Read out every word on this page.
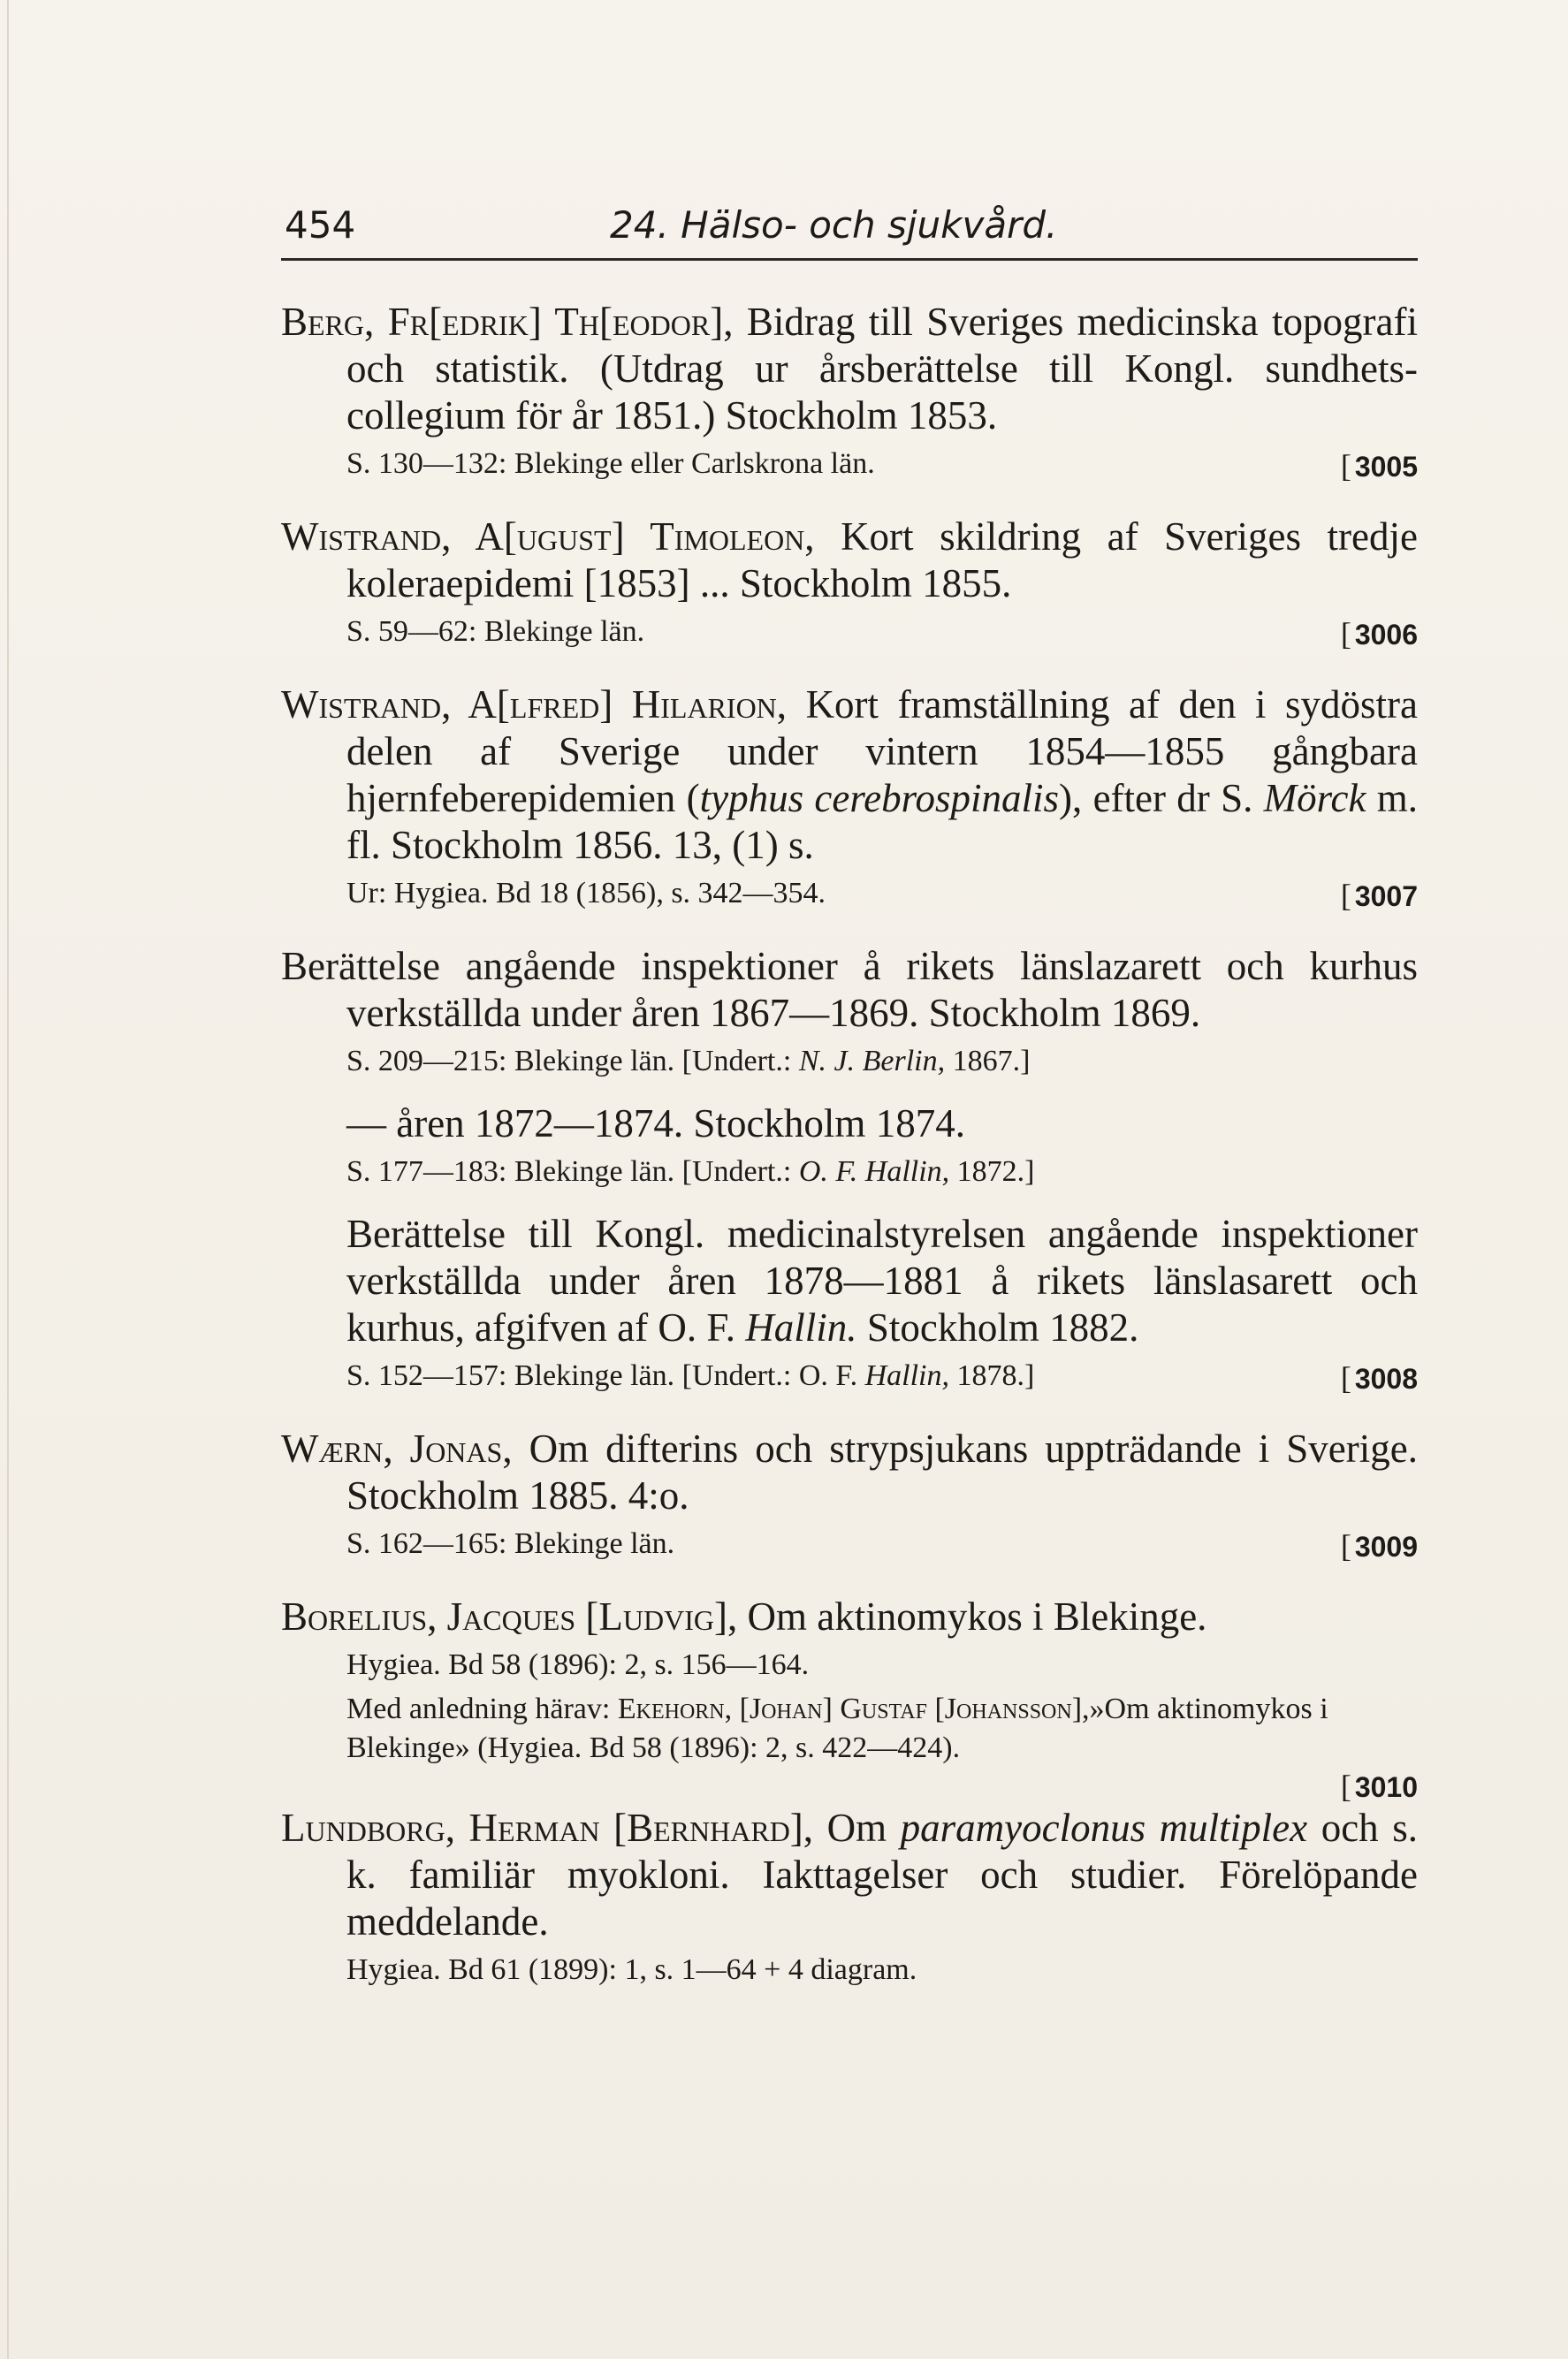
454	24. Hälso- och sjukvård.

Berg, Fr[edrik] Th[eodor], Bidrag till Sveriges medicinska topografi och statistik. (Utdrag ur årsberättelse till Kongl. sundhets-collegium för år 1851.) Stockholm 1853.

S. 130—132: Blekinge eller Carlskrona län.	[ 3005

Wistrand, A[ugust] Timoleon, Kort skildring af Sveriges tredje koleraepidemi [1853] ... Stockholm 1855.

S. 59—62: Blekinge län.	[ 3006

Wistrand, A[lfred] Hilarion, Kort framställning af den i sydöstra delen af Sverige under vintern 1854—1855 gångbara hjernfeberepidemien (typhus cerebrospinalis), efter dr S. Mörck m. fl. Stockholm 1856. 13, (1) s.

Ur: Hygiea. Bd 18 (1856), s. 342—354.	[ 3007

Berättelse angående inspektioner å rikets länslazarett och kurhus verkställda under åren 1867—1869. Stockholm 1869.

S. 209—215: Blekinge län. [Undert.: N. J. Berlin, 1867.]

— åren 1872—1874. Stockholm 1874.

S. 177—183: Blekinge län. [Undert.: O. F. Hallin, 1872.]

Berättelse till Kongl. medicinalstyrelsen angående inspektioner verkställda under åren 1878—1881 å rikets länslasarett och kurhus, afgifven af O. F. Hallin. Stockholm 1882.

S. 152—157: Blekinge län. [Undert.: O. F. Hallin, 1878.]	[ 3008

Wærn, Jonas, Om difterins och strypsjukans uppträdande i Sverige. Stockholm 1885. 4:o.

S. 162—165: Blekinge län.	[ 3009

Borelius, Jacques [Ludvig], Om aktinomykos i Blekinge.

Hygiea. Bd 58 (1896): 2, s. 156—164.

Med anledning härav: Ekehorn, [Johan] Gustaf [Johansson],»Om aktinomykos i Blekinge» (Hygiea. Bd 58 (1896): 2, s. 422—424).

[ 3010

Lundborg, Herman [Bernhard], Om paramyoclonus multiplex och s. k. familiär myokloni. Iakttagelser och studier. Förelöpande meddelande.

Hygiea. Bd 61 (1899): 1, s. 1—64 + 4 diagram.
